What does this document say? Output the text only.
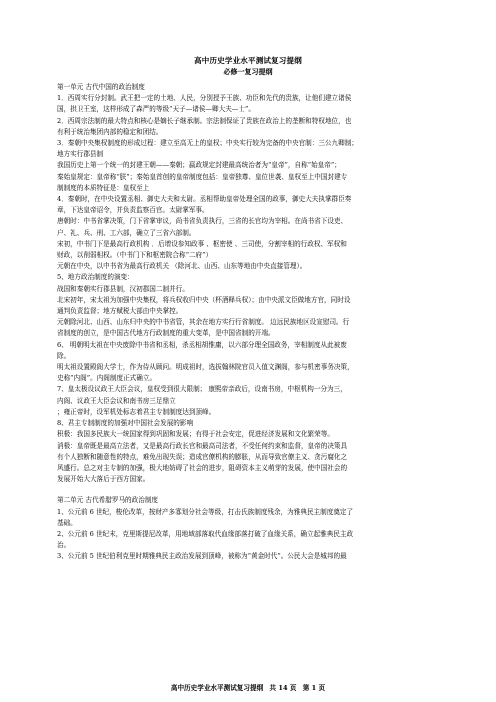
高中历史学业水平测试复习提纲
必修一复习提纲
第一单元 古代中国的政治制度
1．西周实行分封制。武王把一定的土地、人民，分别授予王族、功臣和先代的贵族，让他们建立诸侯
国，拱卫王室，这样形成了森严的等级“天子—诸侯—卿大夫—士”。
2．西周宗法制的最大特点和核心是嫡长子继承制。宗法制保证了贵族在政治上的垄断和特权地位，也
有利于统治集团内部的稳定和团结。
3．秦朝中央集权制度的形成过程：建立至高无上的皇权；中央实行较为完备的中央官制：三公九卿制；
地方实行郡县制
我国历史上第一个统一的封建王朝——秦朝；嬴政规定封建最高统治者为“皇帝”，自称“始皇帝”；
秦始皇规定：皇帝称“朕”；秦始皇首创的皇帝制度包括：皇帝独尊、皇位世袭、皇权至上中国封建专
制制度的本质特征是：皇权至上
4．秦朝时，在中央设置丞相、御史大夫和太尉。丞相帮助皇帝处理全国的政事，御史大夫执掌群臣奏
章，下达皇帝诏令，并负责监察百官。太尉掌军事。
唐朝时：中书省掌决策，门下省掌审议，尚书省负责执行，三省的长官均为宰相。在尚书省下设吏、
户、礼、兵、刑、工六部，确立了三省六部制。
宋初，中书门下是最高行政机构 ．后增设参知政事 、枢密使 、三司使，分割宰相的行政权、军权和
财政，以削弱相权。（中书门下和枢密院合称“二府”）
元朝在中央，以中书省为最高行政机关 （除河北、山西、山东等地由中央直接管理）。
5、地方政治制度的演变：
战国和秦朝实行郡县制，汉初郡国二制并行。
北宋初年，宋太祖为加强中央集权，将兵权收归中央（杯酒释兵权）；由中央派文臣做地方官，同时设
通判负责监督；地方赋税大部由中央掌控。
元朝除河北、山西、山东归中央的中书省管，其余在地方实行行省制度。 边远民族地区设宣慰司。行
省制度的创立，是中国古代地方行政制度的重大变革，是中国省制的开端。
6、 明朝明太祖在中央废除中书省和丞相，杀丞相胡惟庸，以六部分理全国政务，宰相制度从此被废
除。
明太祖设置殿阁大学士，作为侍从顾问。明成祖时，选拔翰林院官员入值文渊阁，参与机密事务决策，
史称“内阁”。内阁制度正式确立。
7、皇太极设议政王大臣会议，皇权受到很大限制； 康熙帝亲政后，设南书房，中枢机构一分为三，
内阁、议政王大臣会议和南书房三足鼎立
；雍正帝时，设军机处标志着君主专制制度达到顶峰。
8、君主专制制度的加强对中国社会发展的影响
积极：我国多民族大一统国家得到巩固和发展；有得于社会安定，促进经济发展和文化繁荣等。
消极：皇帝既是最高立法者，又是最高行政长官和最高司法者，不受任何约束和监督，皇帝的决策具
有个人独断和随意性的特点，难免出现失误；造成官僚机构的膨胀，从而导致官僚主义、贪污腐化之
风盛行。总之对主专制的加强，极大地妨碍了社会的进步，阻碍资本主义萌芽的发展，使中国社会的
发展开始大大落后于西方国家。
第二单元 古代希腊罗马的政治制度
1、公元前 6 世纪，梭伦改革，按财产多寡划分社会等级，打击氏族制度残余，为雅典民主制度奠定了
基础。
2、公元前 6 世纪末，克里斯提尼改革，用地域部落取代血缘部落打破了血缘关系，确立起雅典民主政
治。
3、公元前 5 世纪伯利克里时期雅典民主政治发展到顶峰，被称为“黄金时代”。公民大会是城邦的最
高中历史学业水平测试复习提纲 共 14 页 第 1 页
